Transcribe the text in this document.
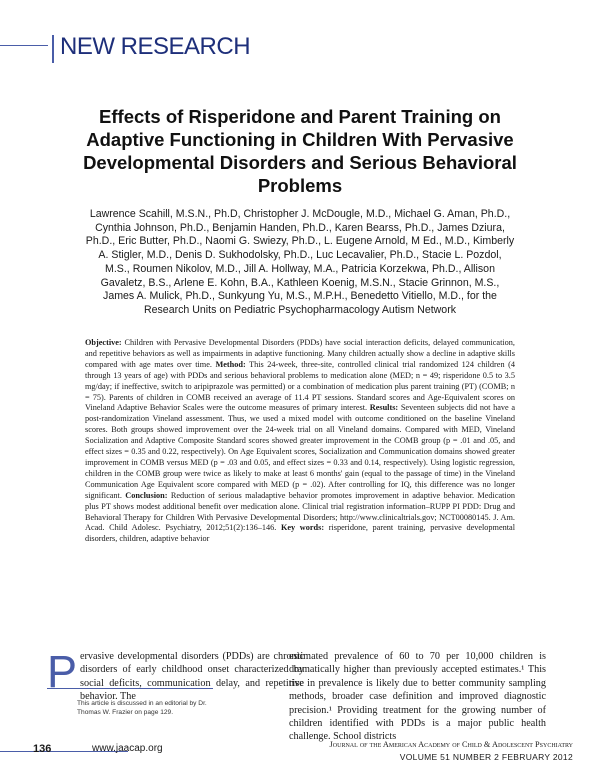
NEW RESEARCH
Effects of Risperidone and Parent Training on Adaptive Functioning in Children With Pervasive Developmental Disorders and Serious Behavioral Problems
Lawrence Scahill, M.S.N., Ph.D, Christopher J. McDougle, M.D., Michael G. Aman, Ph.D., Cynthia Johnson, Ph.D., Benjamin Handen, Ph.D., Karen Bearss, Ph.D., James Dziura, Ph.D., Eric Butter, Ph.D., Naomi G. Swiezy, Ph.D., L. Eugene Arnold, M Ed., M.D., Kimberly A. Stigler, M.D., Denis D. Sukhodolsky, Ph.D., Luc Lecavalier, Ph.D., Stacie L. Pozdol, M.S., Roumen Nikolov, M.D., Jill A. Hollway, M.A., Patricia Korzekwa, Ph.D., Allison Gavaletz, B.S., Arlene E. Kohn, B.A., Kathleen Koenig, M.S.N., Stacie Grinnon, M.S., James A. Mulick, Ph.D., Sunkyung Yu, M.S., M.P.H., Benedetto Vitiello, M.D., for the Research Units on Pediatric Psychopharmacology Autism Network
Objective: Children with Pervasive Developmental Disorders (PDDs) have social interaction deficits, delayed communication, and repetitive behaviors as well as impairments in adaptive functioning. Many children actually show a decline in adaptive skills compared with age mates over time. Method: This 24-week, three-site, controlled clinical trial randomized 124 children (4 through 13 years of age) with PDDs and serious behavioral problems to medication alone (MED; n = 49; risperidone 0.5 to 3.5 mg/day; if ineffective, switch to aripiprazole was permitted) or a combination of medication plus parent training (PT) (COMB; n = 75). Parents of children in COMB received an average of 11.4 PT sessions. Standard scores and Age-Equivalent scores on Vineland Adaptive Behavior Scales were the outcome measures of primary interest. Results: Seventeen subjects did not have a post-randomization Vineland assessment. Thus, we used a mixed model with outcome conditioned on the baseline Vineland scores. Both groups showed improvement over the 24-week trial on all Vineland domains. Compared with MED, Vineland Socialization and Adaptive Composite Standard scores showed greater improvement in the COMB group (p = .01 and .05, and effect sizes = 0.35 and 0.22, respectively). On Age Equivalent scores, Socialization and Communication domains showed greater improvement in COMB versus MED (p = .03 and 0.05, and effect sizes = 0.33 and 0.14, respectively). Using logistic regression, children in the COMB group were twice as likely to make at least 6 months' gain (equal to the passage of time) in the Vineland Communication Age Equivalent score compared with MED (p = .02). After controlling for IQ, this difference was no longer significant. Conclusion: Reduction of serious maladaptive behavior promotes improvement in adaptive behavior. Medication plus PT shows modest additional benefit over medication alone. Clinical trial registration information–RUPP PI PDD: Drug and Behavioral Therapy for Children With Pervasive Developmental Disorders; http://www.clinicaltrials.gov; NCT00080145. J. Am. Acad. Child Adolesc. Psychiatry, 2012;51(2):136–146. Key words: risperidone, parent training, pervasive developmental disorders, children, adaptive behavior
Pervasive developmental disorders (PDDs) are chronic disorders of early childhood onset characterized by social deficits, communication delay, and repetitive behavior. The
This article is discussed in an editorial by Dr. Thomas W. Frazier on page 129.
estimated prevalence of 60 to 70 per 10,000 children is dramatically higher than previously accepted estimates.¹ This rise in prevalence is likely due to better community sampling methods, broader case definition and improved diagnostic precision.¹ Providing treatment for the growing number of children identified with PDDs is a major public health challenge. School districts
136	www.jaacap.org	Journal of the American Academy of Child & Adolescent Psychiatry
VOLUME 51 NUMBER 2 FEBRUARY 2012
